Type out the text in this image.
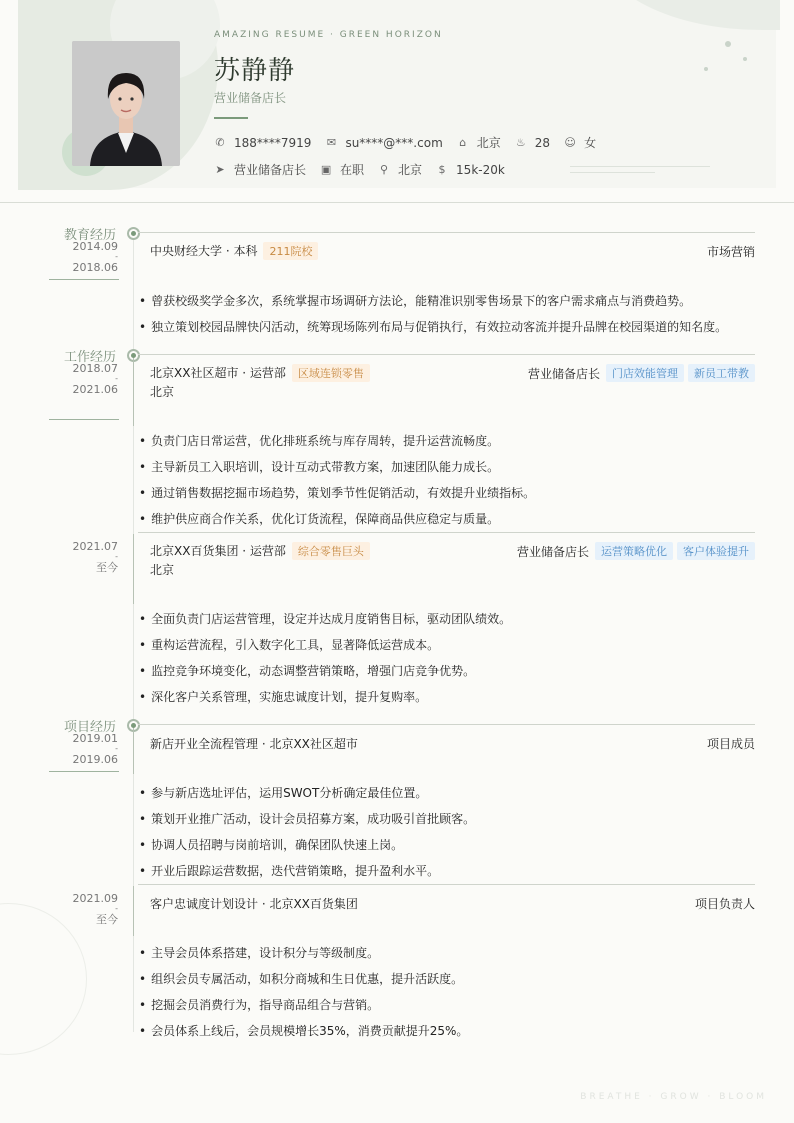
AMAZING RESUME · GREEN HORIZON
苏静静
营业储备店长
✆ 188****7919 ✉ su****@***.com ⌂ 北京 ♨ 28 ☺ 女
➤ 营业储备店长 ▣ 在职 ⚲ 北京 $ 15k-20k
教育经历
2014.09
-
2018.06
中央财经大学 · 本科 211院校	市场营销
• 曾获校级奖学金多次，系统掌握市场调研方法论，能精准识别零售场景下的客户需求痛点与消费趋势。
• 独立策划校园品牌快闪活动，统筹现场陈列布局与促销执行，有效拉动客流并提升品牌在校园渠道的知名度。
工作经历
2018.07
-
2021.06
北京XX社区超市 · 运营部 区域连锁零售	营业储备店长	门店效能管理	新员工带教
北京
• 负责门店日常运营，优化排班系统与库存周转，提升运营流畅度。
• 主导新员工入职培训，设计互动式带教方案，加速团队能力成长。
• 通过销售数据挖掘市场趋势，策划季节性促销活动，有效提升业绩指标。
• 维护供应商合作关系，优化订货流程，保障商品供应稳定与质量。
2021.07
-
至今
北京XX百货集团 · 运营部 综合零售巨头	营业储备店长	运营策略优化	客户体验提升
北京
• 全面负责门店运营管理，设定并达成月度销售目标，驱动团队绩效。
• 重构运营流程，引入数字化工具，显著降低运营成本。
• 监控竞争环境变化，动态调整营销策略，增强门店竞争优势。
• 深化客户关系管理，实施忠诚度计划，提升复购率。
项目经历
2019.01
-
2019.06
新店开业全流程管理 · 北京XX社区超市	项目成员
• 参与新店选址评估，运用SWOT分析确定最佳位置。
• 策划开业推广活动，设计会员招募方案，成功吸引首批顾客。
• 协调人员招聘与岗前培训，确保团队快速上岗。
• 开业后跟踪运营数据，迭代营销策略，提升盈利水平。
2021.09
-
至今
客户忠诚度计划设计 · 北京XX百货集团	项目负责人
• 主导会员体系搭建，设计积分与等级制度。
• 组织会员专属活动，如积分商城和生日优惠，提升活跃度。
• 挖掘会员消费行为，指导商品组合与营销。
• 会员体系上线后，会员规模增长35%，消费贡献提升25%。
BREATHE · GROW · BLOOM
